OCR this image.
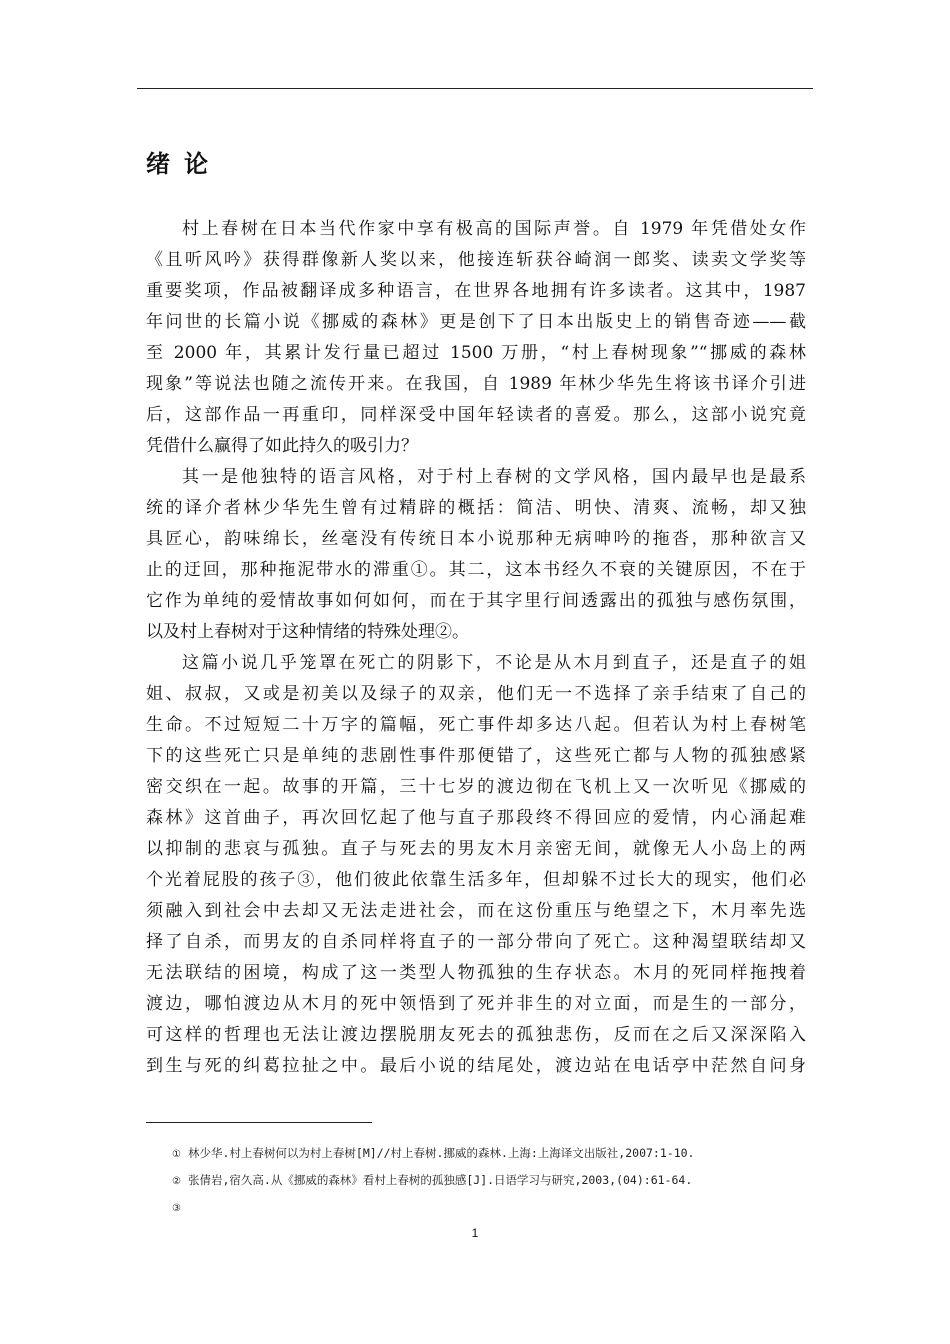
绪论
村上春树在日本当代作家中享有极高的国际声誉。自 1979 年凭借处女作
《且听风吟》获得群像新人奖以来，他接连斩获谷崎润一郎奖、读卖文学奖等
重要奖项，作品被翻译成多种语言，在世界各地拥有许多读者。这其中，1987
年问世的长篇小说《挪威的森林》更是创下了日本出版史上的销售奇迹——截
至 2000 年，其累计发行量已超过 1500 万册，“村上春树现象”“挪威的森林
现象”等说法也随之流传开来。在我国，自 1989 年林少华先生将该书译介引进
后，这部作品一再重印，同样深受中国年轻读者的喜爱。那么，这部小说究竟
凭借什么赢得了如此持久的吸引力？
其一是他独特的语言风格，对于村上春树的文学风格，国内最早也是最系
统的译介者林少华先生曾有过精辟的概括：简洁、明快、清爽、流畅，却又独
具匠心，韵味绵长，丝毫没有传统日本小说那种无病呻吟的拖沓，那种欲言又
止的迂回，那种拖泥带水的滞重①。其二，这本书经久不衰的关键原因，不在于
它作为单纯的爱情故事如何如何，而在于其字里行间透露出的孤独与感伤氛围，
以及村上春树对于这种情绪的特殊处理②。
这篇小说几乎笼罩在死亡的阴影下，不论是从木月到直子，还是直子的姐
姐、叔叔，又或是初美以及绿子的双亲，他们无一不选择了亲手结束了自己的
生命。不过短短二十万字的篇幅，死亡事件却多达八起。但若认为村上春树笔
下的这些死亡只是单纯的悲剧性事件那便错了，这些死亡都与人物的孤独感紧
密交织在一起。故事的开篇，三十七岁的渡边彻在飞机上又一次听见《挪威的
森林》这首曲子，再次回忆起了他与直子那段终不得回应的爱情，内心涌起难
以抑制的悲哀与孤独。直子与死去的男友木月亲密无间，就像无人小岛上的两
个光着屁股的孩子③，他们彼此依靠生活多年，但却躲不过长大的现实，他们必
须融入到社会中去却又无法走进社会，而在这份重压与绝望之下，木月率先选
择了自杀，而男友的自杀同样将直子的一部分带向了死亡。这种渴望联结却又
无法联结的困境，构成了这一类型人物孤独的生存状态。木月的死同样拖拽着
渡边，哪怕渡边从木月的死中领悟到了死并非生的对立面，而是生的一部分，
可这样的哲理也无法让渡边摆脱朋友死去的孤独悲伤，反而在之后又深深陷入
到生与死的纠葛拉扯之中。最后小说的结尾处，渡边站在电话亭中茫然自问身
① 林少华.村上春树何以为村上春树[M]//村上春树.挪威的森林.上海:上海译文出版社,2007:1-10.
② 张倩岩,宿久高.从《挪威的森林》看村上春树的孤独感[J].日语学习与研究,2003,(04):61-64.
③
1
